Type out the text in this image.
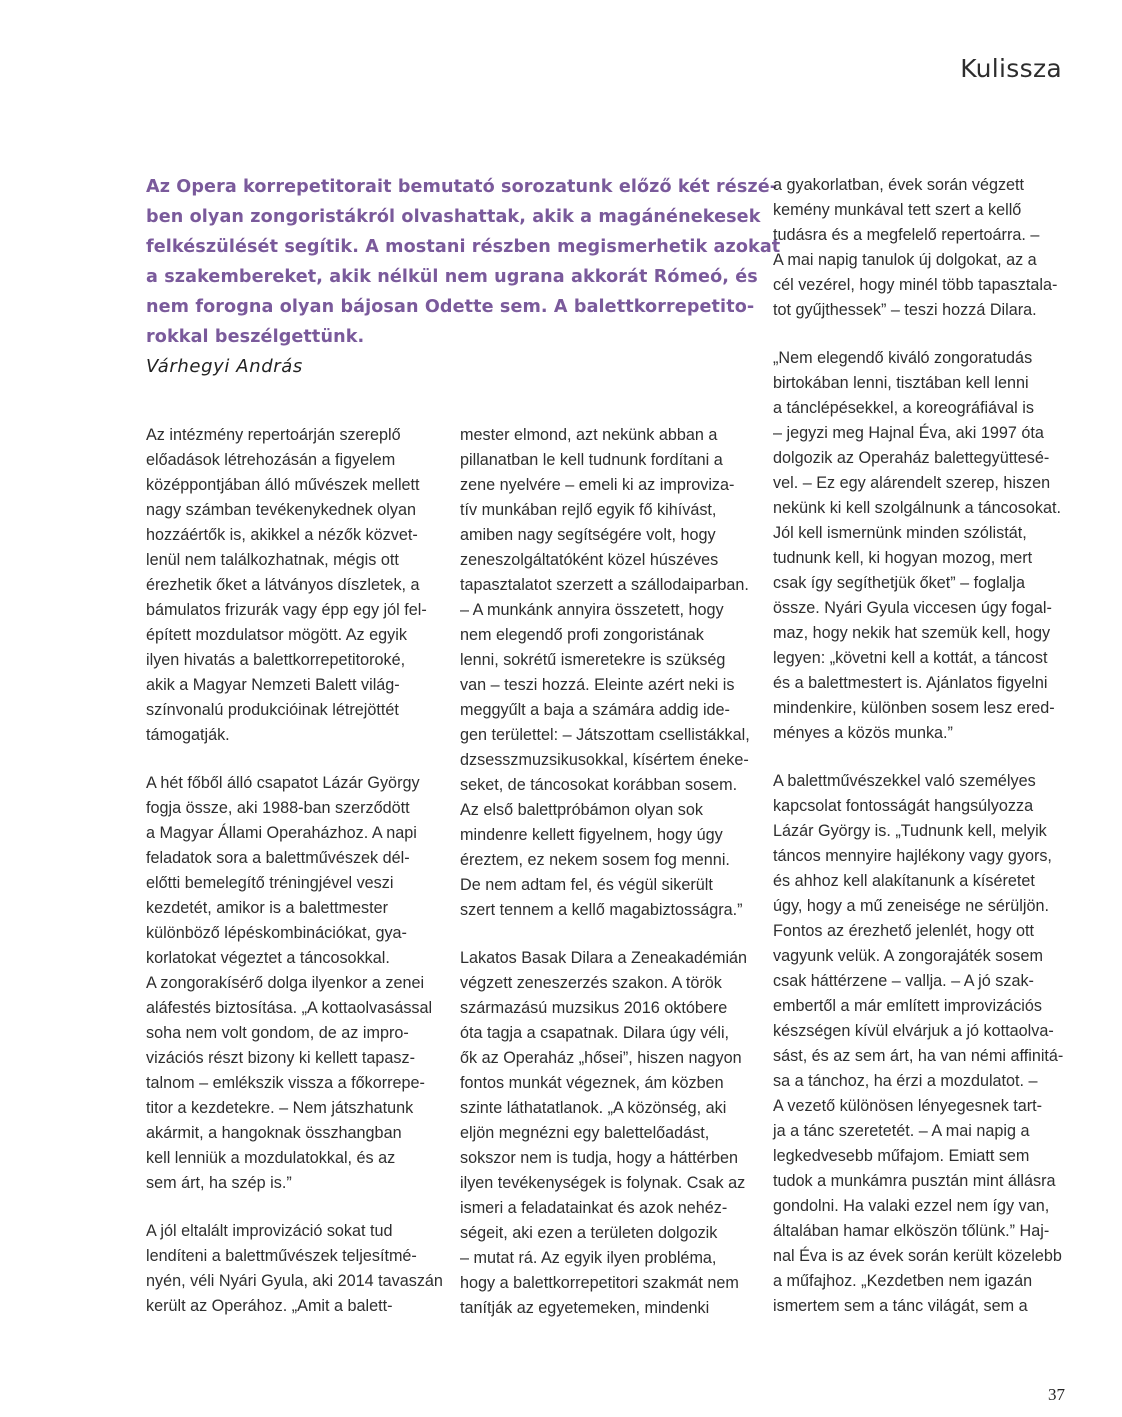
Kulissza
Az Opera korrepetitorait bemutató sorozatunk előző két részé-
ben olyan zongoristákról olvashattak, akik a magánénekesek
felkészülését segítik. A mostani részben megismerhetik azokat
a szakembereket, akik nélkül nem ugrana akkorát Rómeó, és
nem forogna olyan bájosan Odette sem. A balettkorrepetito-
rokkal beszélgettünk.
Várhegyi András
Az intézmény repertoárján szereplő
előadások létrehozásán a figyelem
középpontjában álló művészek mellett
nagy számban tevékenykednek olyan
hozzáértők is, akikkel a nézők közvet-
lenül nem találkozhatnak, mégis ott
érezhetik őket a látványos díszletek, a
bámulatos frizurák vagy épp egy jól fel-
épített mozdulatsor mögött. Az egyik
ilyen hivatás a balettkorrepetitoroké,
akik a Magyar Nemzeti Balett világ-
színvonalú produkcióinak létrejöttét
támogatják.
A hét főből álló csapatot Lázár György
fogja össze, aki 1988-ban szerződött
a Magyar Állami Operaházhoz. A napi
feladatok sora a balettművészek dél-
előtti bemelegítő tréningjével veszi
kezdetét, amikor is a balettmester
különböző lépéskombinációkat, gya-
korlatokat végeztet a táncosokkal.
A zongorakísérő dolga ilyenkor a zenei
aláfestés biztosítása. „A kottaolvasással
soha nem volt gondom, de az impro-
vizációs részt bizony ki kellett tapasz-
talnom – emlékszik vissza a főkorrepe-
titor a kezdetekre. – Nem játszhatunk
akármit, a hangoknak összhangban
kell lenniük a mozdulatokkal, és az
sem árt, ha szép is.”
A jól eltalált improvizáció sokat tud
lendíteni a balettművészek teljesítmé-
nyén, véli Nyári Gyula, aki 2014 tavaszán
került az Operához. „Amit a balett-
mester elmond, azt nekünk abban a
pillanatban le kell tudnunk fordítani a
zene nyelvére – emeli ki az improviza-
tív munkában rejlő egyik fő kihívást,
amiben nagy segítségére volt, hogy
zeneszolgáltatóként közel húszéves
tapasztalatot szerzett a szállodaiparban.
– A munkánk annyira összetett, hogy
nem elegendő profi zongoristának
lenni, sokrétű ismeretekre is szükség
van – teszi hozzá. Eleinte azért neki is
meggyűlt a baja a számára addig ide-
gen területtel: – Játszottam csellistákkal,
dzsesszmuzsikusokkal, kísértem éneke-
seket, de táncosokat korábban sosem.
Az első balettpróbámon olyan sok
mindenre kellett figyelnem, hogy úgy
éreztem, ez nekem sosem fog menni.
De nem adtam fel, és végül sikerült
szert tennem a kellő magabiztosságra.”
Lakatos Basak Dilara a Zeneakadémián
végzett zeneszerzés szakon. A török
származású muzsikus 2016 októbere
óta tagja a csapatnak. Dilara úgy véli,
ők az Operaház „hősei”, hiszen nagyon
fontos munkát végeznek, ám közben
szinte láthatatlanok. „A közönség, aki
eljön megnézni egy balettelőadást,
sokszor nem is tudja, hogy a háttérben
ilyen tevékenységek is folynak. Csak az
ismeri a feladatainkat és azok nehéz-
ségeit, aki ezen a területen dolgozik
– mutat rá. Az egyik ilyen probléma,
hogy a balettkorrepetitori szakmát nem
tanítják az egyetemeken, mindenki
a gyakorlatban, évek során végzett
kemény munkával tett szert a kellő
tudásra és a megfelelő repertoárra. –
A mai napig tanulok új dolgokat, az a
cél vezérel, hogy minél több tapasztala-
tot gyűjthessek” – teszi hozzá Dilara.
„Nem elegendő kiváló zongoratudás
birtokában lenni, tisztában kell lenni
a tánclépésekkel, a koreográfiával is
– jegyzi meg Hajnal Éva, aki 1997 óta
dolgozik az Operaház balettegyüttesé-
vel. – Ez egy alárendelt szerep, hiszen
nekünk ki kell szolgálnunk a táncosokat.
Jól kell ismernünk minden szólistát,
tudnunk kell, ki hogyan mozog, mert
csak így segíthetjük őket” – foglalja
össze. Nyári Gyula viccesen úgy fogal-
maz, hogy nekik hat szemük kell, hogy
legyen: „követni kell a kottát, a táncost
és a balettmestert is. Ajánlatos figyelni
mindenkire, különben sosem lesz ered-
ményes a közös munka.”
A balettművészekkel való személyes
kapcsolat fontosságát hangsúlyozza
Lázár György is. „Tudnunk kell, melyik
táncos mennyire hajlékony vagy gyors,
és ahhoz kell alakítanunk a kíséretet
úgy, hogy a mű zeneisége ne sérüljön.
Fontos az érezhető jelenlét, hogy ott
vagyunk velük. A zongorajáték sosem
csak háttérzene – vallja. – A jó szak-
embertől a már említett improvizációs
készségen kívül elvárjuk a jó kottaolva-
sást, és az sem árt, ha van némi affinitá-
sa a tánchoz, ha érzi a mozdulatot. –
A vezető különösen lényegesnek tart-
ja a tánc szeretetét. – A mai napig a
legkedvesebb műfajom. Emiatt sem
tudok a munkámra pusztán mint állásra
gondolni. Ha valaki ezzel nem így van,
általában hamar elköszön tőlünk.” Haj-
nal Éva is az évek során került közelebb
a műfajhoz. „Kezdetben nem igazán
ismertem sem a tánc világát, sem a
37
